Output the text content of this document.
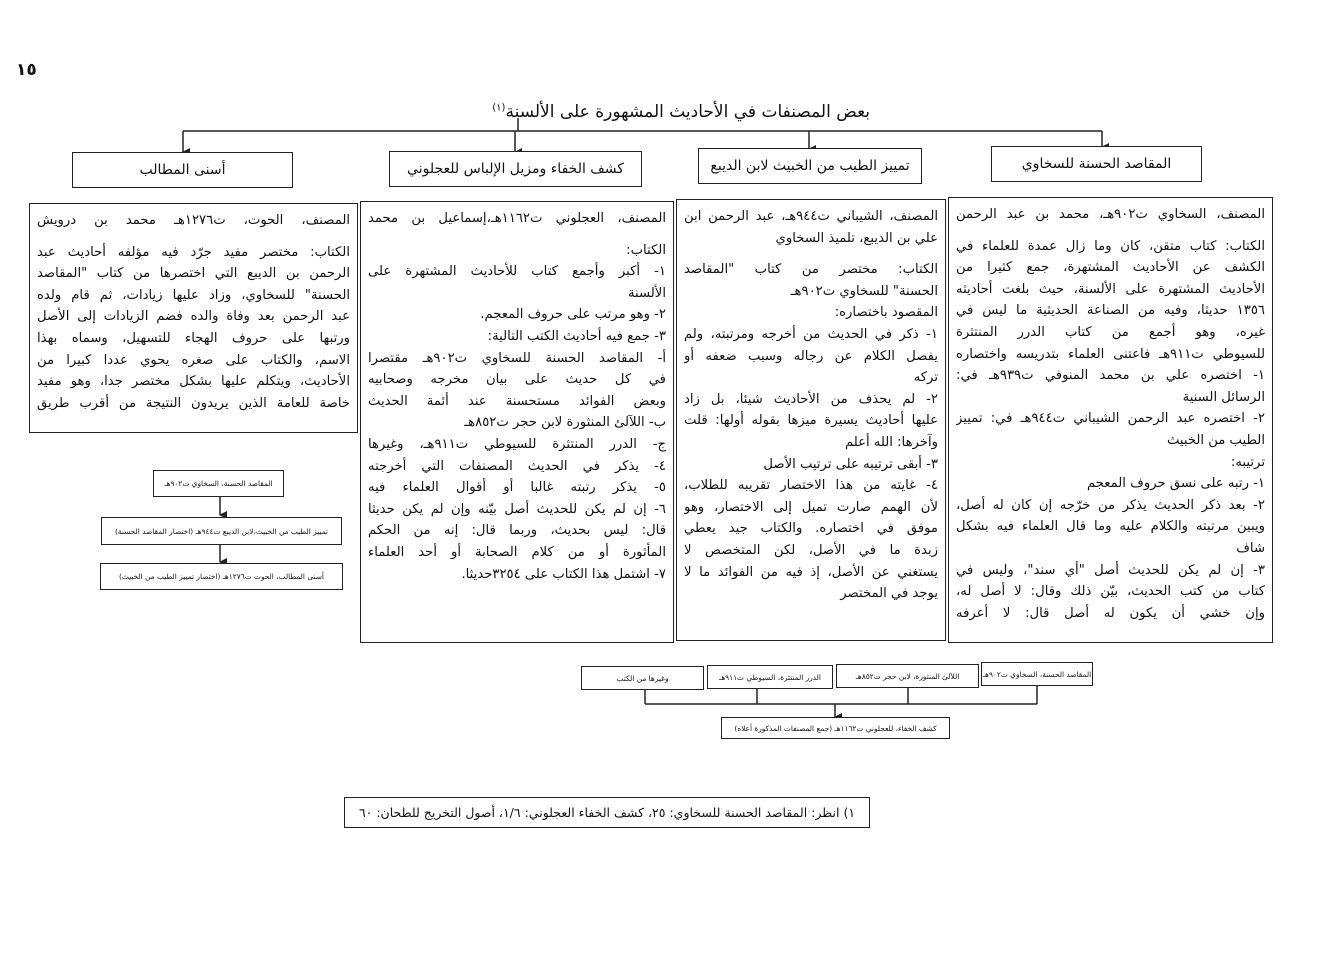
١٥
بعض المصنفات في الأحاديث المشهورة على الألسنة$^{(١)}$
المقاصد الحسنة للسخاوي
تمييز الطيب من الخبيث لابن الديبع
كشف الخفاء ومزيل الإلباس للعجلوني
أسنى المطالب
المصنف، السخاوي ت٩٠٢هـ، محمد بن عبد الرحمن
الكتاب: كتاب متقن، كان وما زال عمدة للعلماء في
الكشف عن الأحاديث المشتهرة، جمع كثيرا من
الأحاديث المشتهرة على الألسنة، حيث بلغت أحاديثه
١٣٥٦ حديثا، وفيه من الصناعة الحديثية ما ليس في
غيره، وهو أجمع من كتاب الدرر المنتثرة
للسيوطي ت٩١١هـ فاعتنى العلماء بتدريسه واختصاره
١- اختصره علي بن محمد المنوفي ت٩٣٩هـ في:
الرسائل السنية
٢- اختصره عبد الرحمن الشيباني ت٩٤٤هـ في: تمييز
الطيب من الخبيث
ترتيبه:
١- رتبه على نسق حروف المعجم
٢- بعد ذكر الحديث يذكر من خرّجه إن كان له أصل،
ويبين مرتبته والكلام عليه وما قال العلماء فيه بشكل
شاف
٣- إن لم يكن للحديث أصل "أي سند"، وليس في
كتاب من كتب الحديث، بيّن ذلك وقال: لا أصل له،
وإن خشي أن يكون له أصل قال: لا أعرفه
المصنف، الشيباني ت٩٤٤هـ، عبد الرحمن ابن
علي بن الديبع، تلميذ السخاوي
الكتاب: مختصر من كتاب "المقاصد
الحسنة" للسخاوي ت٩٠٢هـ
المقصود باختصاره:
١- ذكر في الحديث من أخرجه ومرتبته، ولم
يفصل الكلام عن رجاله وسبب ضعفه أو
تركه
٢- لم يحذف من الأحاديث شيئا، بل زاد
عليها أحاديث يسيرة ميزها بقوله أولها: قلت
وآخرها: الله أعلم
٣- أبقى ترتيبه على ترتيب الأصل
٤- غايته من هذا الاختصار تقريبه للطلاب،
لأن الهمم صارت تميل إلى الاختصار، وهو
موفق في اختصاره. والكتاب جيد يعطي
زبدة ما في الأصل، لكن المتخصص لا
يستغني عن الأصل، إذ فيه من الفوائد ما لا
يوجد في المختصر
المصنف، العجلوني ت١١٦٢هـ،إسماعيل بن محمد
الكتاب:
١- أكبر وأجمع كتاب للأحاديث المشتهرة على
الألسنة
٢- وهو مرتب على حروف المعجم.
٣- جمع فيه أحاديث الكتب التالية:
أ- المقاصد الحسنة للسخاوي ت٩٠٢هـ مقتصرا
في كل حديث على بيان مخرجه وصحابيه
وبعض الفوائد مستحسنة عند أئمة الحديث
ب- اللآلئ المنثورة لابن حجر ت٨٥٢هـ
ج- الدرر المنتثرة للسيوطي ت٩١١هـ، وغيرها
٤- يذكر في الحديث المصنفات التي أخرجته
٥- يذكر رتبته غالبا أو أقوال العلماء فيه
٦- إن لم يكن للحديث أصل بيّنه وإن لم يكن حديثا
قال: ليس بحديث، وربما قال: إنه من الحكم
المأثورة أو من كلام الصحابة أو أحد العلماء
٧- اشتمل هذا الكتاب على ٣٢٥٤حديثا.
المصنف، الحوت، ت١٢٧٦هـ محمد بن درويش
الكتاب: مختصر مفيد جرّد فيه مؤلفه أحاديث عبد
الرحمن بن الديبع التي اختصرها من كتاب "المقاصد
الحسنة" للسخاوي، وزاد عليها زيادات، ثم قام ولده
عبد الرحمن بعد وفاة والده فضم الزيادات إلى الأصل
ورتبها على حروف الهجاء للتسهيل، وسماه بهذا
الاسم، والكتاب على صغره يحوي عددا كبيرا من
الأحاديث، ويتكلم عليها بشكل مختصر جدا، وهو مفيد
خاصة للعامة الذين يريدون النتيجة من أقرب طريق
المقاصد الحسنة، السخاوي ت٩٠٢هـ
تمييز الطيب من الخبيث،لابن الديبع ت٩٤٤هـ (اختصار المقاصد الحسنة)
أسنى المطالب، الحوت ت١٢٧٦هـ (اختصار تمييز الطيب من الخبيث)
المقاصد الحسنة، السخاوي ت٩٠٢هـ
اللآلئ المنثورة، لابن حجر ت٨٥٢هـ
الدرر المنتثرة، السيوطي ت٩١١هـ
وغيرها من الكتب
كشف الخفاء، للعجلوني ت١١٦٢هـ (جمع المصنفات المذكورة أعلاه)
١) انظر: المقاصد الحسنة للسخاوي: ٢٥، كشف الخفاء العجلوني: ١/٦، أصول التخريج للطحان: ٦٠
